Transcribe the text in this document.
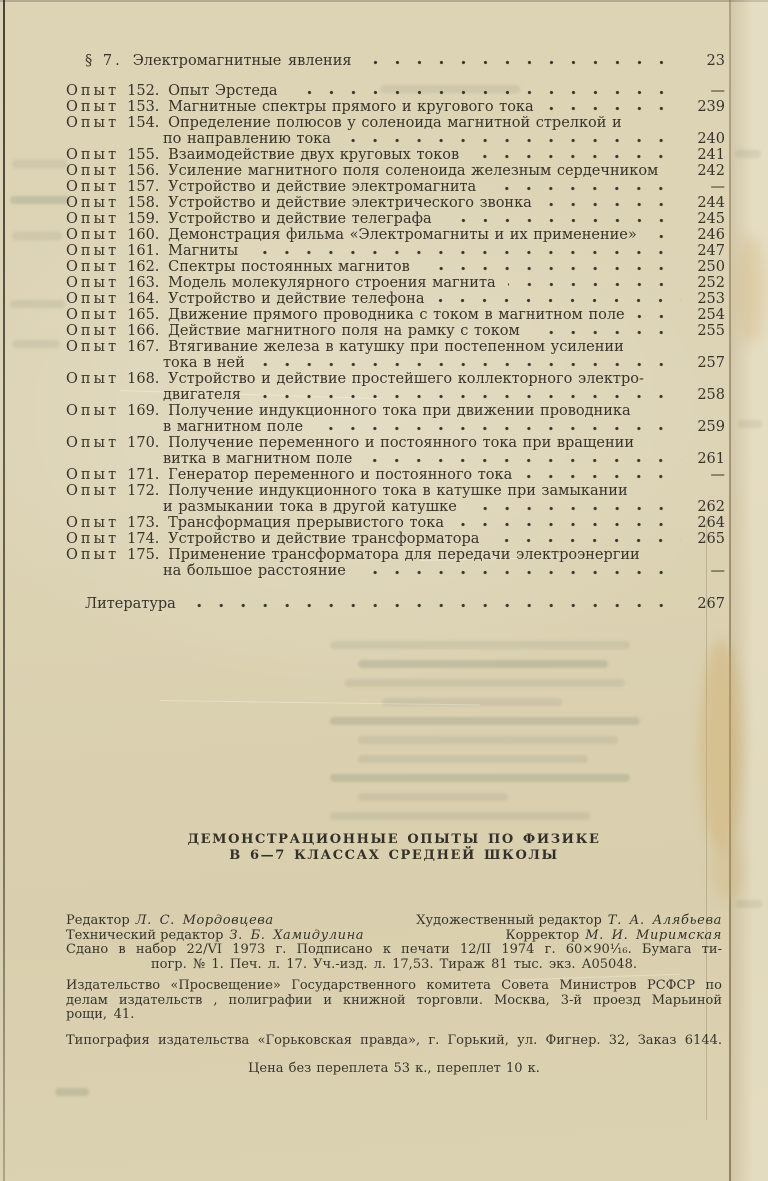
§ 7. Электромагнитные явления	23
Опыт 152. Опыт Эрстеда	—
Опыт 153. Магнитные спектры прямого и кругового тока	239
Опыт 154. Определение полюсов у соленоида магнитной стрелкой и
по направлению тока	240
Опыт 155. Взаимодействие двух круговых токов	241
Опыт 156. Усиление магнитного поля соленоида железным сердечником	242
Опыт 157. Устройство и действие электромагнита	—
Опыт 158. Устройство и действие электрического звонка	244
Опыт 159. Устройство и действие телеграфа	245
Опыт 160. Демонстрация фильма «Электромагниты и их применение»	246
Опыт 161. Магниты	247
Опыт 162. Спектры постоянных магнитов	250
Опыт 163. Модель молекулярного строения магнита	252
Опыт 164. Устройство и действие телефона	253
Опыт 165. Движение прямого проводника с током в магнитном поле	254
Опыт 166. Действие магнитного поля на рамку с током	255
Опыт 167. Втягивание железа в катушку при постепенном усилении
тока в ней	257
Опыт 168. Устройство и действие простейшего коллекторного электро-
двигателя	258
Опыт 169. Получение индукционного тока при движении проводника
в магнитном поле	259
Опыт 170. Получение переменного и постоянного тока при вращении
витка в магнитном поле	261
Опыт 171. Генератор переменного и постоянного тока	—
Опыт 172. Получение индукционного тока в катушке при замыкании
и размыкании тока в другой катушке	262
Опыт 173. Трансформация прерывистого тока	264
Опыт 174. Устройство и действие трансформатора	265
Опыт 175. Применение трансформатора для передачи электроэнергии
на большое расстояние	—
Литература	267
ДЕМОНСТРАЦИОННЫЕ ОПЫТЫ ПО ФИЗИКЕ
В 6—7 КЛАССАХ СРЕДНЕЙ ШКОЛЫ
Редактор Л. С. Мордовцева	Художественный редактор Т. А. Алябьева
Технический редактор З. Б. Хамидулина	Корректор М. И. Миримская
Сдано в набор 22/VI 1973 г. Подписано к печати 12/II 1974 г. 60×90¹⁄₁₆. Бумага ти-
погр. № 1. Печ. л. 17. Уч.-изд. л. 17,53. Тираж 81 тыс. экз. А05048.
Издательство «Просвещение» Государственного комитета Совета Министров РСФСР по делам издательств , полиграфии и книжной торговли. Москва, 3-й проезд Марьиной рощи, 41.
Типография издательства «Горьковская правда», г. Горький, ул. Фигнер. 32, Заказ 6144.
Цена без переплета 53 к., переплет 10 к.
